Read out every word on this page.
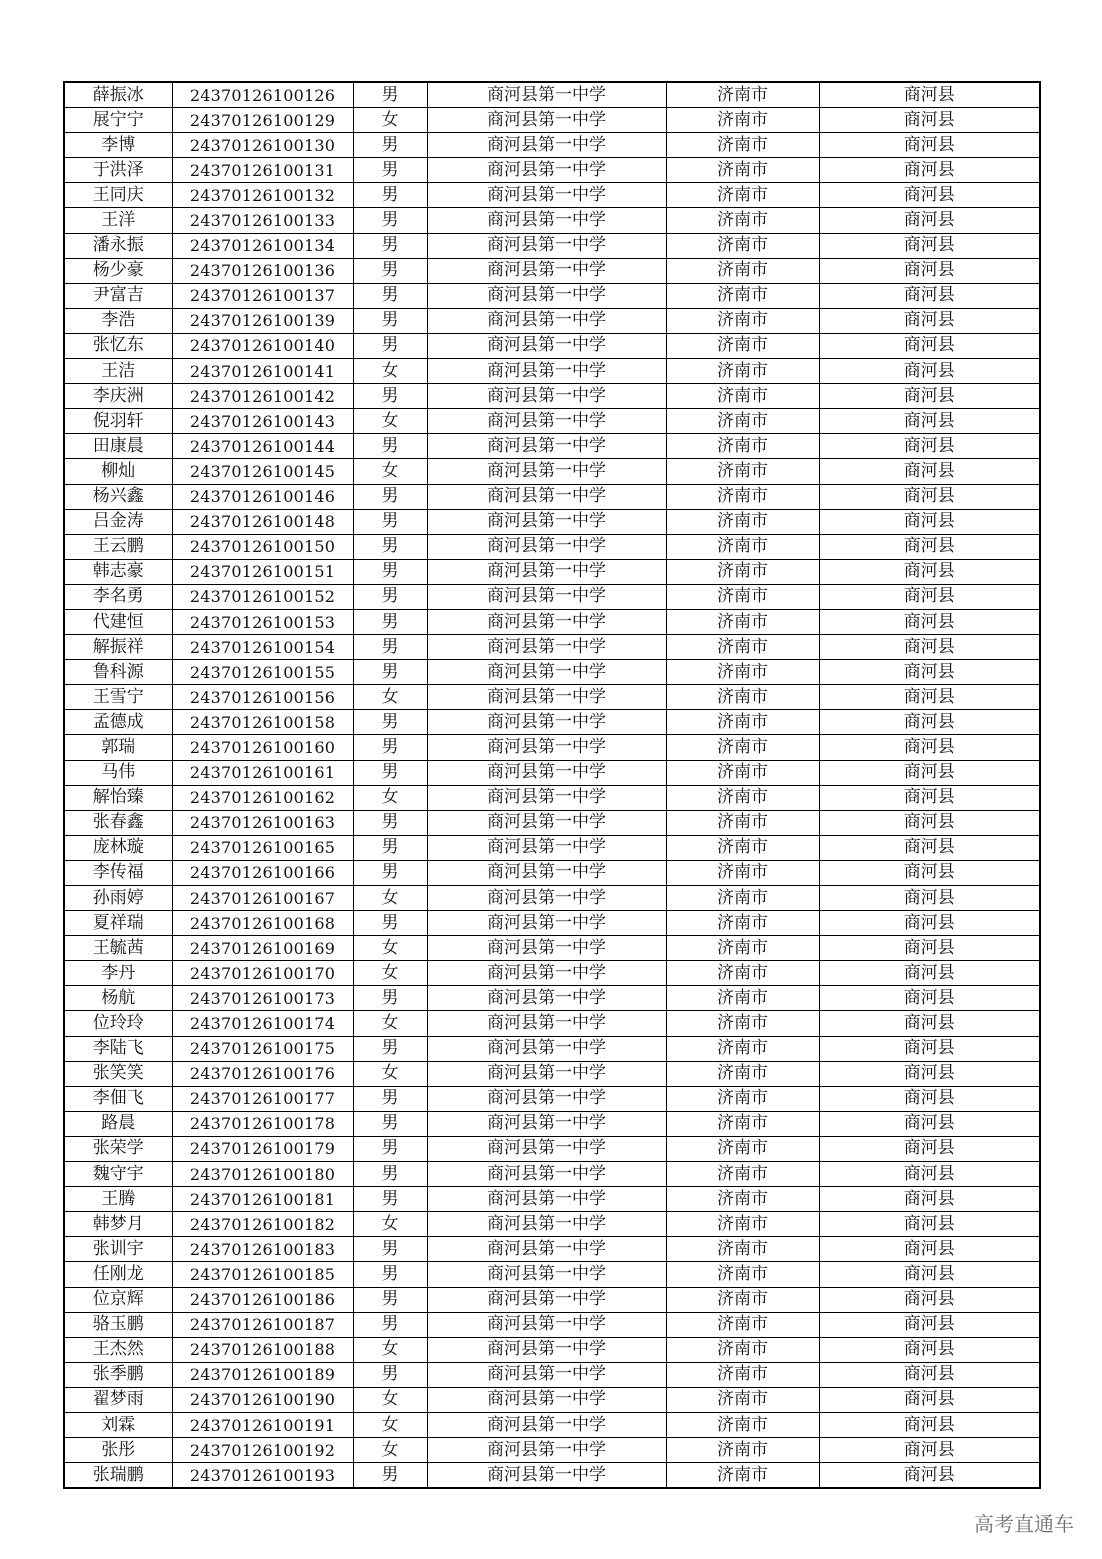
薛振冰	24370126100126	男	商河县第一中学	济南市	商河县
展宁宁	24370126100129	女	商河县第一中学	济南市	商河县
李博	24370126100130	男	商河县第一中学	济南市	商河县
于洪泽	24370126100131	男	商河县第一中学	济南市	商河县
王同庆	24370126100132	男	商河县第一中学	济南市	商河县
王洋	24370126100133	男	商河县第一中学	济南市	商河县
潘永振	24370126100134	男	商河县第一中学	济南市	商河县
杨少豪	24370126100136	男	商河县第一中学	济南市	商河县
尹富吉	24370126100137	男	商河县第一中学	济南市	商河县
李浩	24370126100139	男	商河县第一中学	济南市	商河县
张忆东	24370126100140	男	商河县第一中学	济南市	商河县
王洁	24370126100141	女	商河县第一中学	济南市	商河县
李庆洲	24370126100142	男	商河县第一中学	济南市	商河县
倪羽轩	24370126100143	女	商河县第一中学	济南市	商河县
田康晨	24370126100144	男	商河县第一中学	济南市	商河县
柳灿	24370126100145	女	商河县第一中学	济南市	商河县
杨兴鑫	24370126100146	男	商河县第一中学	济南市	商河县
吕金涛	24370126100148	男	商河县第一中学	济南市	商河县
王云鹏	24370126100150	男	商河县第一中学	济南市	商河县
韩志豪	24370126100151	男	商河县第一中学	济南市	商河县
李名勇	24370126100152	男	商河县第一中学	济南市	商河县
代建恒	24370126100153	男	商河县第一中学	济南市	商河县
解振祥	24370126100154	男	商河县第一中学	济南市	商河县
鲁科源	24370126100155	男	商河县第一中学	济南市	商河县
王雪宁	24370126100156	女	商河县第一中学	济南市	商河县
孟德成	24370126100158	男	商河县第一中学	济南市	商河县
郭瑞	24370126100160	男	商河县第一中学	济南市	商河县
马伟	24370126100161	男	商河县第一中学	济南市	商河县
解怡臻	24370126100162	女	商河县第一中学	济南市	商河县
张春鑫	24370126100163	男	商河县第一中学	济南市	商河县
庞林璇	24370126100165	男	商河县第一中学	济南市	商河县
李传福	24370126100166	男	商河县第一中学	济南市	商河县
孙雨婷	24370126100167	女	商河县第一中学	济南市	商河县
夏祥瑞	24370126100168	男	商河县第一中学	济南市	商河县
王毓茜	24370126100169	女	商河县第一中学	济南市	商河县
李丹	24370126100170	女	商河县第一中学	济南市	商河县
杨航	24370126100173	男	商河县第一中学	济南市	商河县
位玲玲	24370126100174	女	商河县第一中学	济南市	商河县
李陆飞	24370126100175	男	商河县第一中学	济南市	商河县
张笑笑	24370126100176	女	商河县第一中学	济南市	商河县
李佃飞	24370126100177	男	商河县第一中学	济南市	商河县
路晨	24370126100178	男	商河县第一中学	济南市	商河县
张荣学	24370126100179	男	商河县第一中学	济南市	商河县
魏守宇	24370126100180	男	商河县第一中学	济南市	商河县
王腾	24370126100181	男	商河县第一中学	济南市	商河县
韩梦月	24370126100182	女	商河县第一中学	济南市	商河县
张训宇	24370126100183	男	商河县第一中学	济南市	商河县
任刚龙	24370126100185	男	商河县第一中学	济南市	商河县
位京辉	24370126100186	男	商河县第一中学	济南市	商河县
骆玉鹏	24370126100187	男	商河县第一中学	济南市	商河县
王杰然	24370126100188	女	商河县第一中学	济南市	商河县
张季鹏	24370126100189	男	商河县第一中学	济南市	商河县
翟梦雨	24370126100190	女	商河县第一中学	济南市	商河县
刘霖	24370126100191	女	商河县第一中学	济南市	商河县
张彤	24370126100192	女	商河县第一中学	济南市	商河县
张瑞鹏	24370126100193	男	商河县第一中学	济南市	商河县
高考直通车
